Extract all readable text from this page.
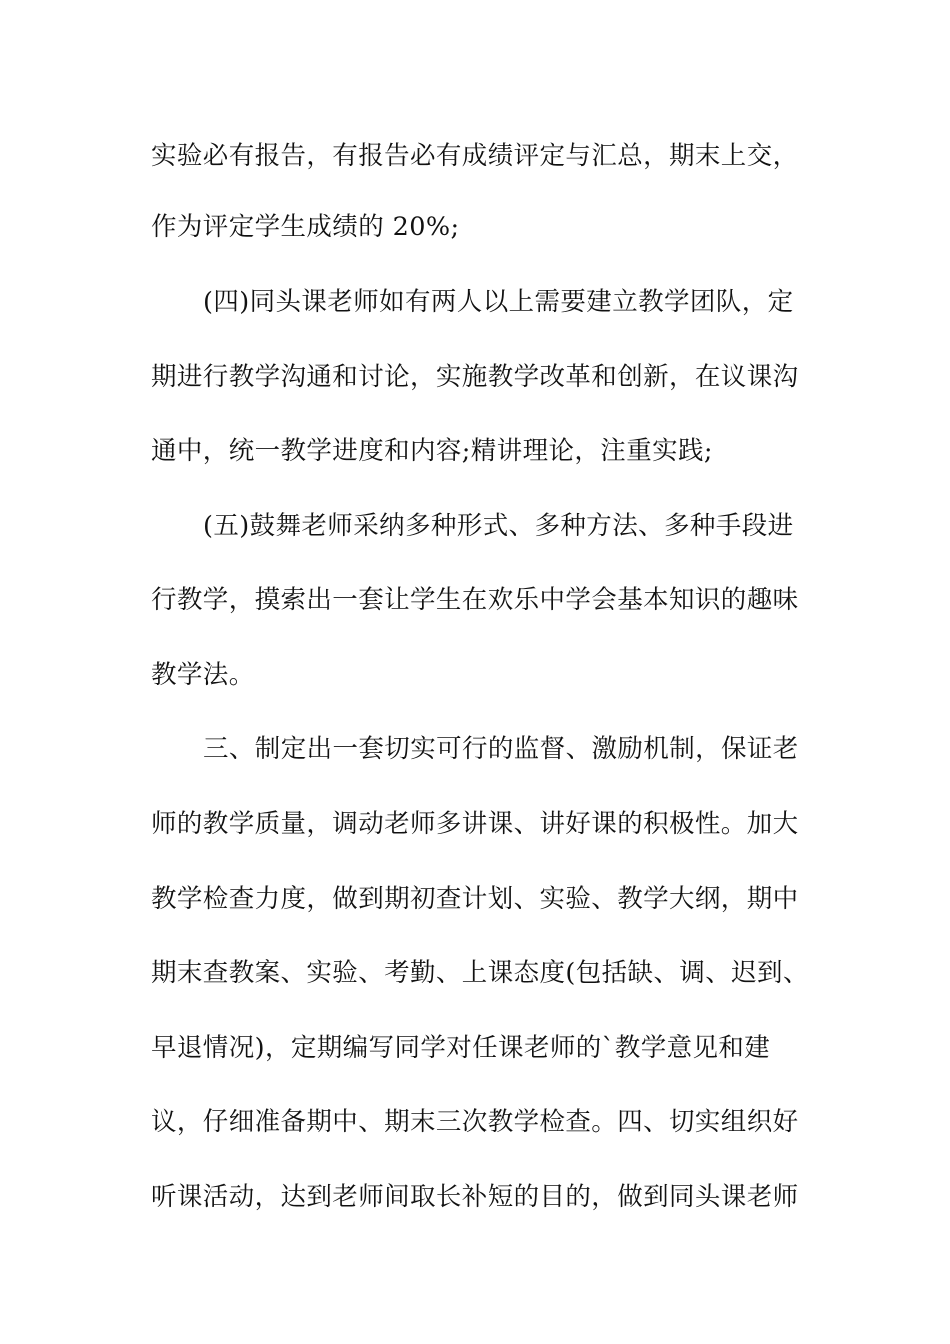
实验必有报告，有报告必有成绩评定与汇总，期末上交，
作为评定学生成绩的 20%;
(四)同头课老师如有两人以上需要建立教学团队，定
期进行教学沟通和讨论，实施教学改革和创新，在议课沟
通中，统一教学进度和内容;精讲理论，注重实践;
(五)鼓舞老师采纳多种形式、多种方法、多种手段进
行教学，摸索出一套让学生在欢乐中学会基本知识的趣味
教学法。
三、制定出一套切实可行的监督、激励机制，保证老
师的教学质量，调动老师多讲课、讲好课的积极性。加大
教学检查力度，做到期初查计划、实验、教学大纲，期中
期末查教案、实验、考勤、上课态度(包括缺、调、迟到、
早退情况)，定期编写同学对任课老师的`教学意见和建
议，仔细准备期中、期末三次教学检查。四、切实组织好
听课活动，达到老师间取长补短的目的，做到同头课老师
